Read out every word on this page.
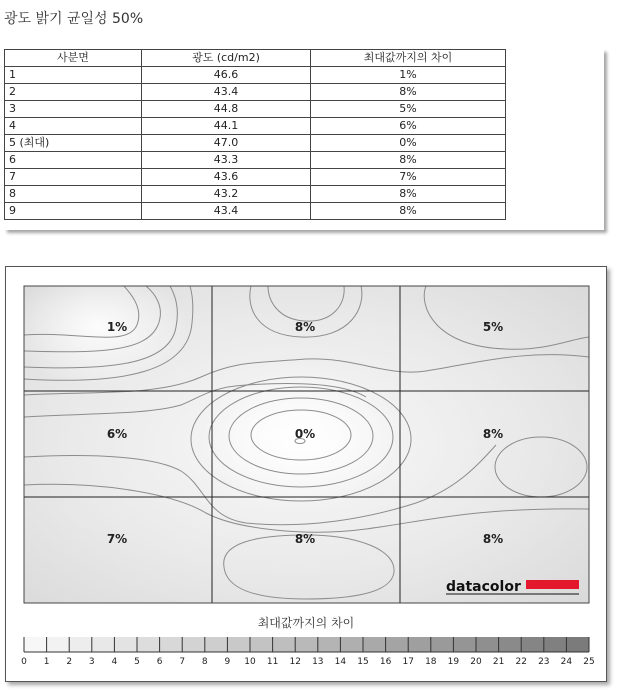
광도 밝기 균일성 50%
사분면	광도 (cd/m2)	최대값까지의 차이
1	46.6	1%
2	43.4	8%
3	44.8	5%
4	44.1	6%
5 (최대)	47.0	0%
6	43.3	8%
7	43.6	7%
8	43.2	8%
9	43.4	8%
1%	8%	5%
6%	0%	8%
7%	8%	8%
datacolor
최대값까지의 차이
0 1 2 3 4 5 6 7 8 9 10 11 12 13 14 15 16 17 18 19 20 21 22 23 24 25
